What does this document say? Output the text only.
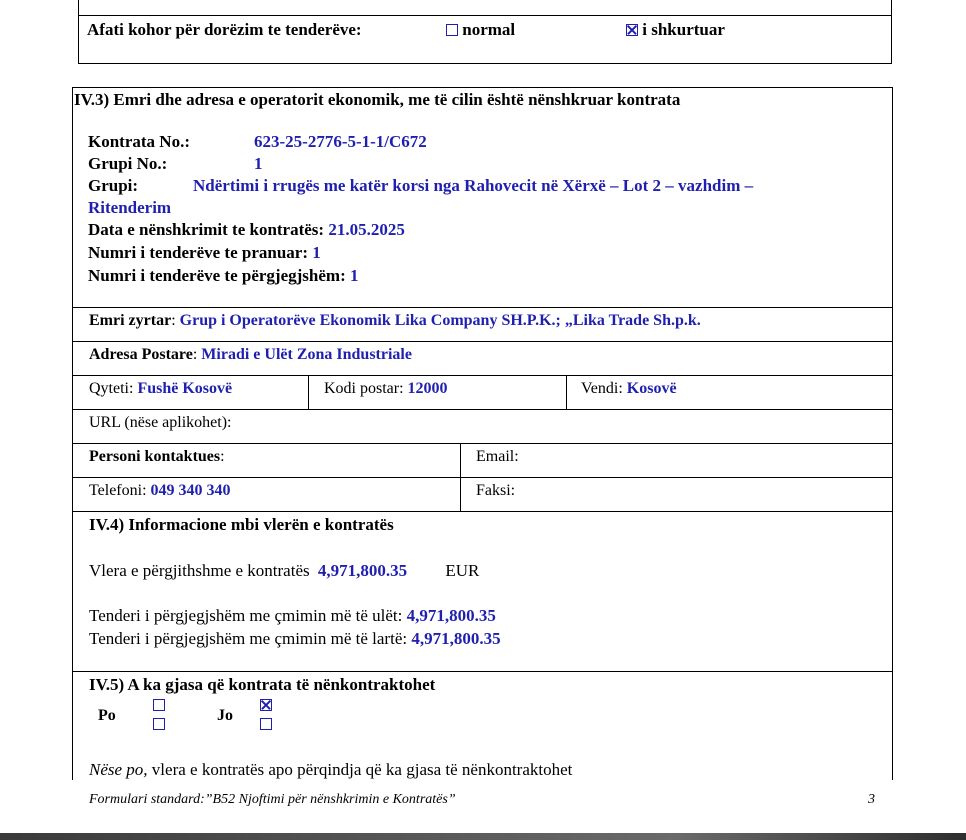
Afati kohor për dorëzim te tenderëve:	normal	i shkurtuar
IV.3) Emri dhe adresa e operatorit ekonomik, me të cilin është nënshkruar kontrata
Kontrata No.:	623-25-2776-5-1-1/C672
Grupi No.:	1
Grupi:	Ndërtimi i rrugës me katër korsi nga Rahovecit në Xërxë – Lot 2 – vazhdim –
Ritenderim
Data e nënshkrimit te kontratës: 21.05.2025
Numri i tenderëve te pranuar: 1
Numri i tenderëve te përgjegjshëm: 1
Emri zyrtar: Grup i Operatorëve Ekonomik Lika Company SH.P.K.; „Lika Trade Sh.p.k.
Adresa Postare: Miradi e Ulët Zona Industriale
Qyteti: Fushë Kosovë	Kodi postar: 12000	Vendi: Kosovë
URL (nëse aplikohet):
Personi kontaktues:	Email:
Telefoni: 049 340 340	Faksi:
IV.4) Informacione mbi vlerën e kontratës
Vlera e përgjithshme e kontratës 4,971,800.35 EUR
Tenderi i përgjegjshëm me çmimin më të ulët: 4,971,800.35
Tenderi i përgjegjshëm me çmimin më të lartë: 4,971,800.35
IV.5) A ka gjasa që kontrata të nënkontraktohet
Po	Jo
Nëse po, vlera e kontratës apo përqindja që ka gjasa të nënkontraktohet
Formulari standard:”B52 Njoftimi për nënshkrimin e Kontratës”	3
